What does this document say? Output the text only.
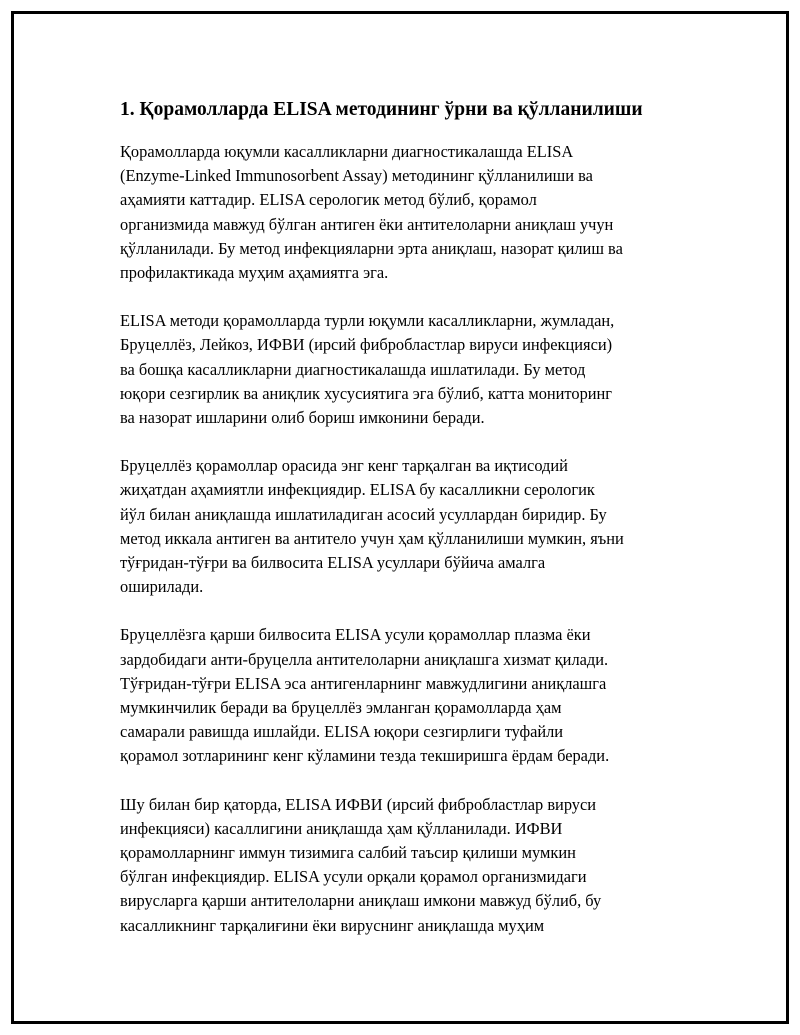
1. Қорамолларда ELISA методининг ўрни ва қўлланилиши

Қорамолларда юқумли касалликларни диагностикалашда ELISA
(Enzyme-Linked Immunosorbent Assay) методининг қўлланилиши ва
аҳамияти каттадир. ELISA серологик метод бўлиб, қорамол
организмида мавжуд бўлган антиген ёки антителоларни аниқлаш учун
қўлланилади. Бу метод инфекцияларни эрта аниқлаш, назорат қилиш ва
профилактикада муҳим аҳамиятга эга.

ELISA методи қорамолларда турли юқумли касалликларни, жумладан,
Бруцеллёз, Лейкоз, ИФВИ (ирсий фибробластлар вируси инфекцияси)
ва бошқа касалликларни диагностикалашда ишлатилади. Бу метод
юқори сезгирлик ва аниқлик хусусиятига эга бўлиб, катта мониторинг
ва назорат ишларини олиб бориш имконини беради.

Бруцеллёз қорамоллар орасида энг кенг тарқалган ва иқтисодий
жиҳатдан аҳамиятли инфекциядир. ELISA бу касалликни серологик
йўл билан аниқлашда ишлатиладиган асосий усуллардан биридир. Бу
метод иккала антиген ва антитело учун ҳам қўлланилиши мумкин, яъни
тўғридан-тўғри ва билвосита ELISA усуллари бўйича амалга
оширилади.

Бруцеллёзга қарши билвосита ELISA усули қорамоллар плазма ёки
зардобидаги анти-бруцелла антителоларни аниқлашга хизмат қилади.
Тўғридан-тўғри ELISA эса антигенларнинг мавжудлигини аниқлашга
мумкинчилик беради ва бруцеллёз эмланган қорамолларда ҳам
самарали равишда ишлайди. ELISA юқори сезгирлиги туфайли
қорамол зотларининг кенг кўламини тезда текширишга ёрдам беради.

Шу билан бир қаторда, ELISA ИФВИ (ирсий фибробластлар вируси
инфекцияси) касаллигини аниқлашда ҳам қўлланилади. ИФВИ
қорамолларнинг иммун тизимига салбий таъсир қилиши мумкин
бўлган инфекциядир. ELISA усули орқали қорамол организмидаги
вирусларга қарши антителоларни аниқлаш имкони мавжуд бўлиб, бу
касалликнинг тарқалиғини ёки вируснинг аниқлашда муҳим
